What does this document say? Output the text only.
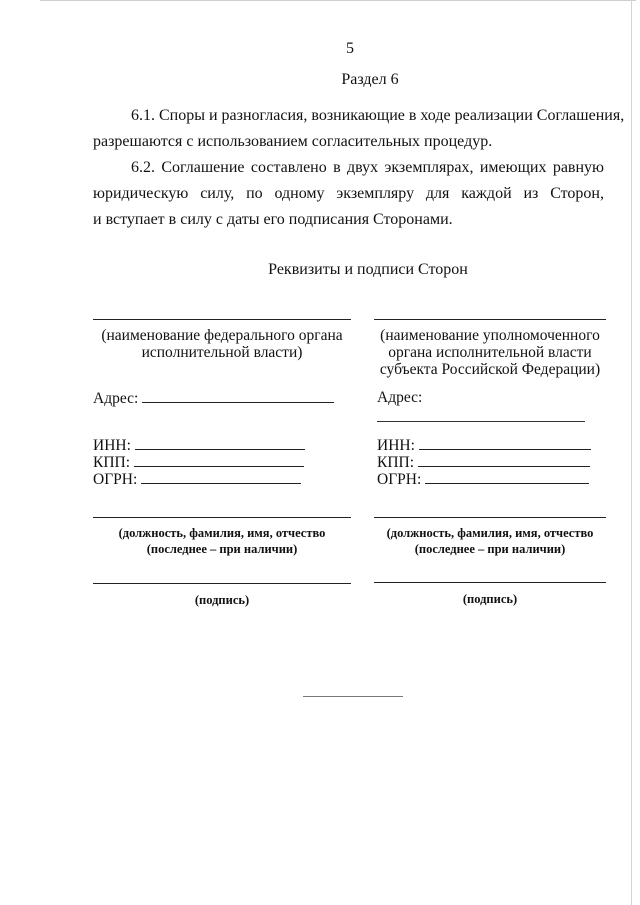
5
Раздел 6
6.1. Споры и разногласия, возникающие в ходе реализации Соглашения,
разрешаются с использованием согласительных процедур.
6.2. Соглашение составлено в двух экземплярах, имеющих равную
юридическую силу, по одному экземпляру для каждой из Сторон,
и вступает в силу с даты его подписания Сторонами.
Реквизиты и подписи Сторон
(наименование федерального органа
исполнительной власти)
Адрес:
ИНН:
КПП:
ОГРН:
(должность, фамилия, имя, отчество
(последнее – при наличии)
(подпись)
(наименование уполномоченного
органа исполнительной власти
субъекта Российской Федерации)
Адрес:
ИНН:
КПП:
ОГРН:
(должность, фамилия, имя, отчество
(последнее – при наличии)
(подпись)
